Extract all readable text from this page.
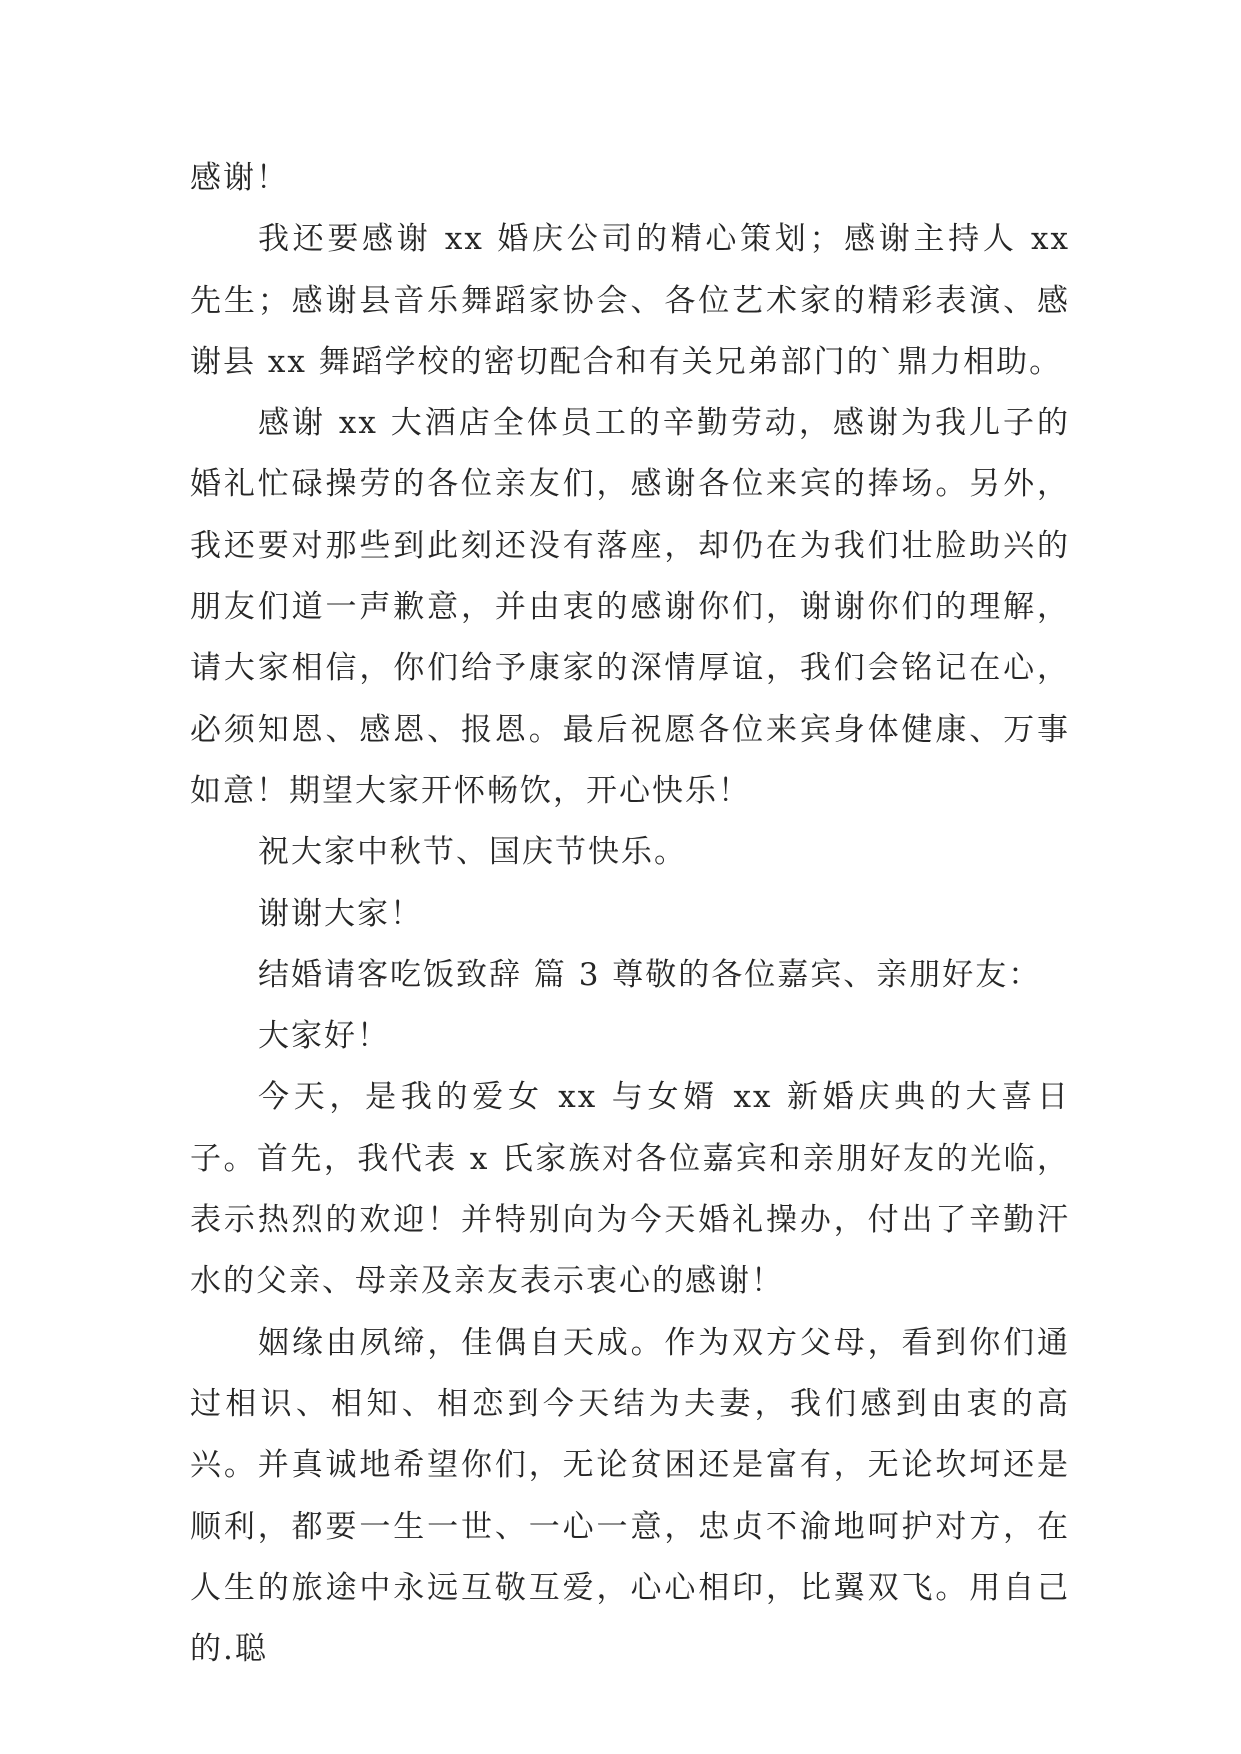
感谢！

我还要感谢 xx 婚庆公司的精心策划；感谢主持人 xx 先生；感谢县音乐舞蹈家协会、各位艺术家的精彩表演、感谢县 xx 舞蹈学校的密切配合和有关兄弟部门的`鼎力相助。

感谢 xx 大酒店全体员工的辛勤劳动，感谢为我儿子的婚礼忙碌操劳的各位亲友们，感谢各位来宾的捧场。另外，我还要对那些到此刻还没有落座，却仍在为我们壮脸助兴的朋友们道一声歉意，并由衷的感谢你们，谢谢你们的理解，请大家相信，你们给予康家的深情厚谊，我们会铭记在心，必须知恩、感恩、报恩。最后祝愿各位来宾身体健康、万事如意！期望大家开怀畅饮，开心快乐！

祝大家中秋节、国庆节快乐。

谢谢大家！

结婚请客吃饭致辞 篇 3 尊敬的各位嘉宾、亲朋好友：

大家好！

今天，是我的爱女 xx 与女婿 xx 新婚庆典的大喜日子。首先，我代表 x 氏家族对各位嘉宾和亲朋好友的光临，表示热烈的欢迎！并特别向为今天婚礼操办，付出了辛勤汗水的父亲、母亲及亲友表示衷心的感谢！

姻缘由夙缔，佳偶自天成。作为双方父母，看到你们通过相识、相知、相恋到今天结为夫妻，我们感到由衷的高兴。并真诚地希望你们，无论贫困还是富有，无论坎坷还是顺利，都要一生一世、一心一意，忠贞不渝地呵护对方，在人生的旅途中永远互敬互爱，心心相印，比翼双飞。用自己的.聪
